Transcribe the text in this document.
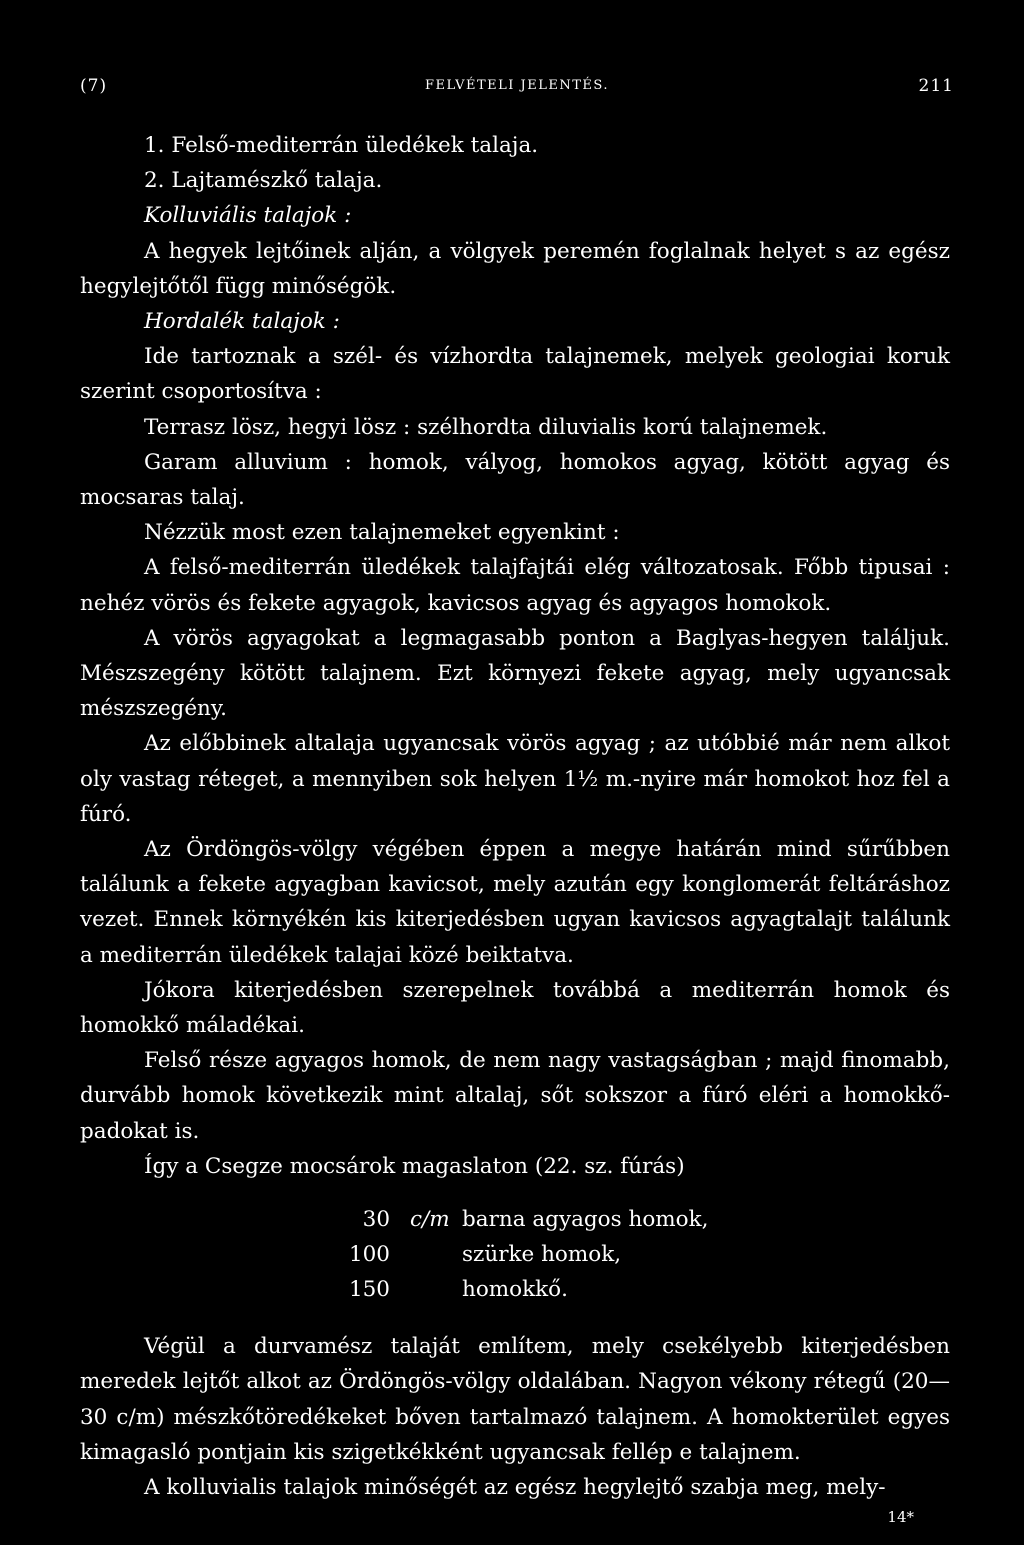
(7)	FELVÉTELI JELENTÉS.	211

1. Felső-mediterrán üledékek talaja.

2. Lajtamészkő talaja.

Kolluviális talajok :

A hegyek lejtőinek alján, a völgyek peremén foglalnak helyet s az egész hegylejtőtől függ minőségök.

Hordalék talajok :

Ide tartoznak a szél- és vízhordta talajnemek, melyek geologiai koruk szerint csoportosítva :

Terrasz lösz, hegyi lösz : szélhordta diluvialis korú talajnemek.

Garam alluvium : homok, vályog, homokos agyag, kötött agyag és mocsaras talaj.

Nézzük most ezen talajnemeket egyenkint :

A felső-mediterrán üledékek talajfajtái elég változatosak. Főbb tipusai : nehéz vörös és fekete agyagok, kavicsos agyag és agyagos homokok.

A vörös agyagokat a legmagasabb ponton a Baglyas-hegyen találjuk. Mészszegény kötött talajnem. Ezt környezi fekete agyag, mely ugyancsak mészszegény.

Az előbbinek altalaja ugyancsak vörös agyag ; az utóbbié már nem alkot oly vastag réteget, a mennyiben sok helyen 1½ m.-nyire már homokot hoz fel a fúró.

Az Ördöngös-völgy végében éppen a megye határán mind sűrűbben találunk a fekete agyagban kavicsot, mely azután egy konglomerát feltáráshoz vezet. Ennek környékén kis kiterjedésben ugyan kavicsos agyagtalajt találunk a mediterrán üledékek talajai közé beiktatva.

Jókora kiterjedésben szerepelnek továbbá a mediterrán homok és homokkő máladékai.

Felső része agyagos homok, de nem nagy vastagságban ; majd finomabb, durvább homok következik mint altalaj, sőt sokszor a fúró eléri a homokkő-padokat is.

Így a Csegze mocsárok magaslaton (22. sz. fúrás)

30 c/m barna agyagos homok,
100	szürke homok,
150	homokkő.

Végül a durvamész talaját említem, mely csekélyebb kiterjedésben meredek lejtőt alkot az Ördöngös-völgy oldalában. Nagyon vékony rétegű (20—30 c/m) mészkőtöredékeket bőven tartalmazó talajnem. A homokterület egyes kimagasló pontjain kis szigetkékként ugyancsak fellép e talajnem.

A kolluvialis talajok minőségét az egész hegylejtő szabja meg, mely-

14*
